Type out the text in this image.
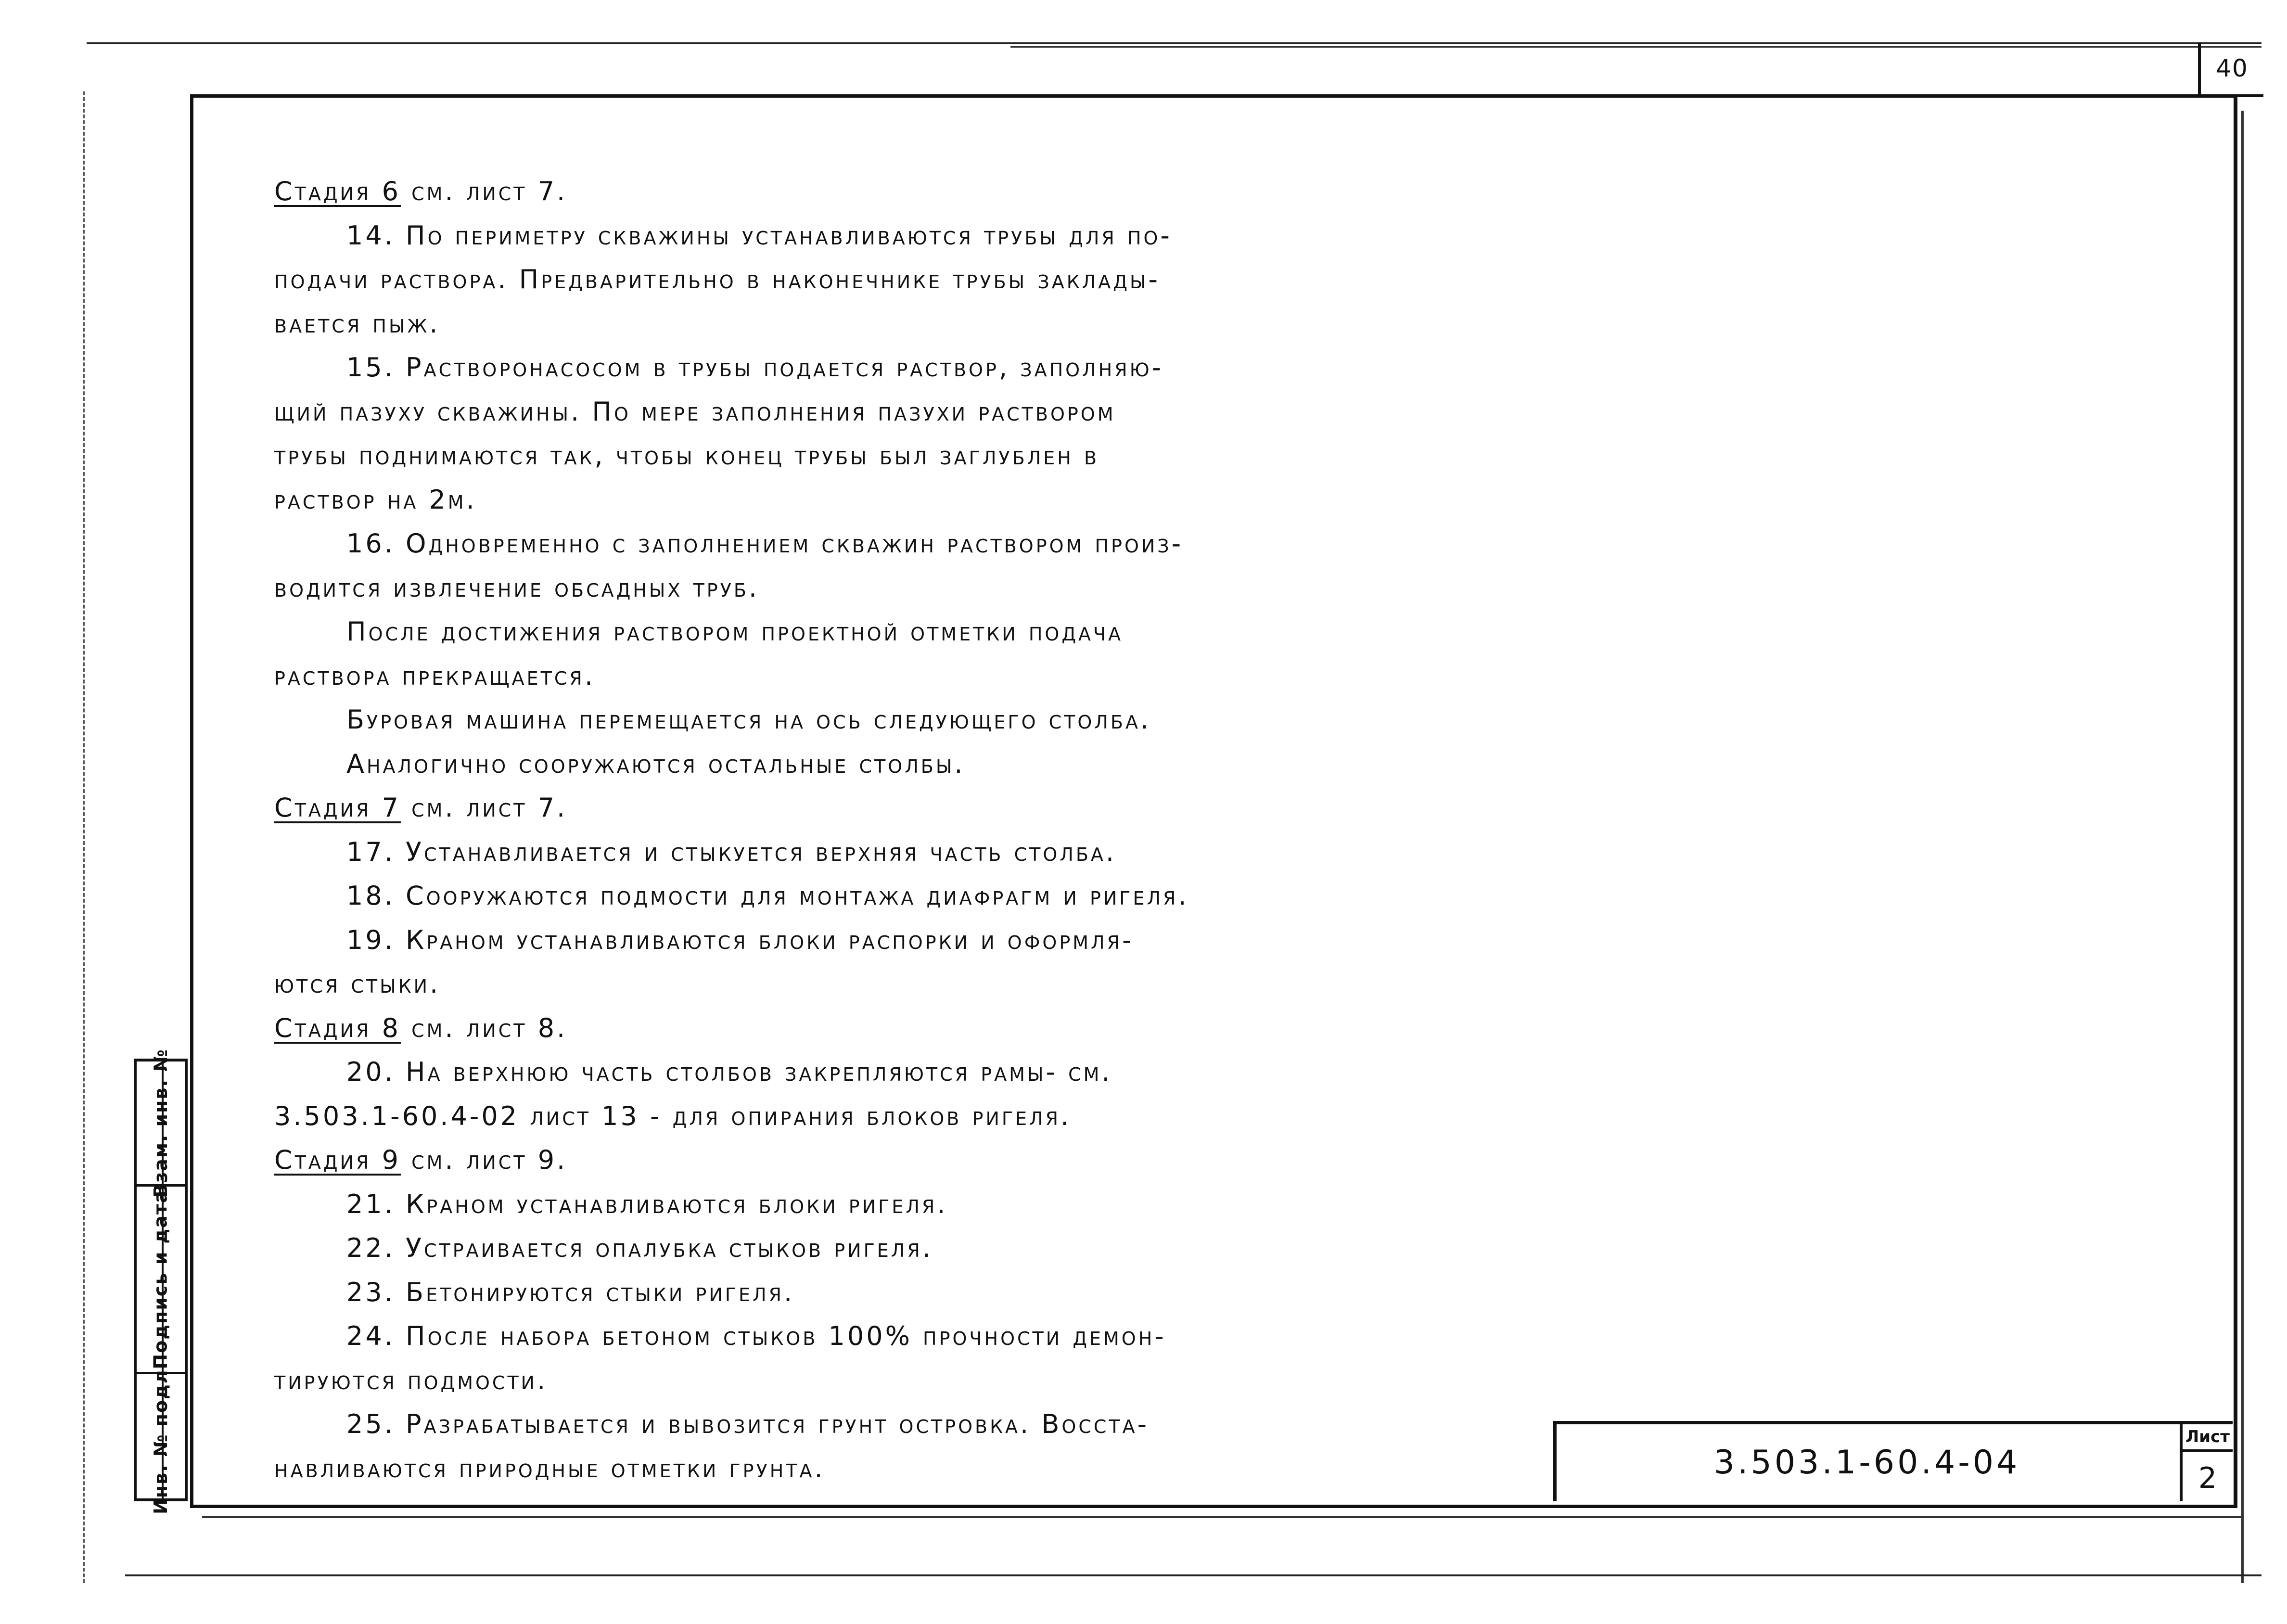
40
Стадия 6 см. лист 7.
14. По периметру скважины устанавливаются трубы для по-
подачи раствора. Предварительно в наконечнике трубы заклады-
вается пыж.
15. Растворонасосом в трубы подается раствор, заполняю-
щий пазуху скважины. По мере заполнения пазухи раствором
трубы поднимаются так, чтобы конец трубы был заглублен в
раствор на 2м.
16. Одновременно с заполнением скважин раствором произ-
водится извлечение обсадных труб.
После достижения раствором проектной отметки подача
раствора прекращается.
Буровая машина перемещается на ось следующего столба.
Аналогично сооружаются остальные столбы.
Стадия 7 см. лист 7.
17. Устанавливается и стыкуется верхняя часть столба.
18. Сооружаются подмости для монтажа диафрагм и ригеля.
19. Краном устанавливаются блоки распорки и оформля-
ются стыки.
Стадия 8 см. лист 8.
20. На верхнюю часть столбов закрепляются рамы- см.
3.503.1-60.4-02 лист 13 - для опирания блоков ригеля.
Стадия 9 см. лист 9.
21. Краном устанавливаются блоки ригеля.
22. Устраивается опалубка стыков ригеля.
23. Бетонируются стыки ригеля.
24. После набора бетоном стыков 100% прочности демон-
тируются подмости.
25. Разрабатывается и вывозится грунт островка. Восста-
навливаются природные отметки грунта.
Инв. № подл.
Подпись и дата
Взам. инв. №
3.503.1-60.4-04
Лист
2
